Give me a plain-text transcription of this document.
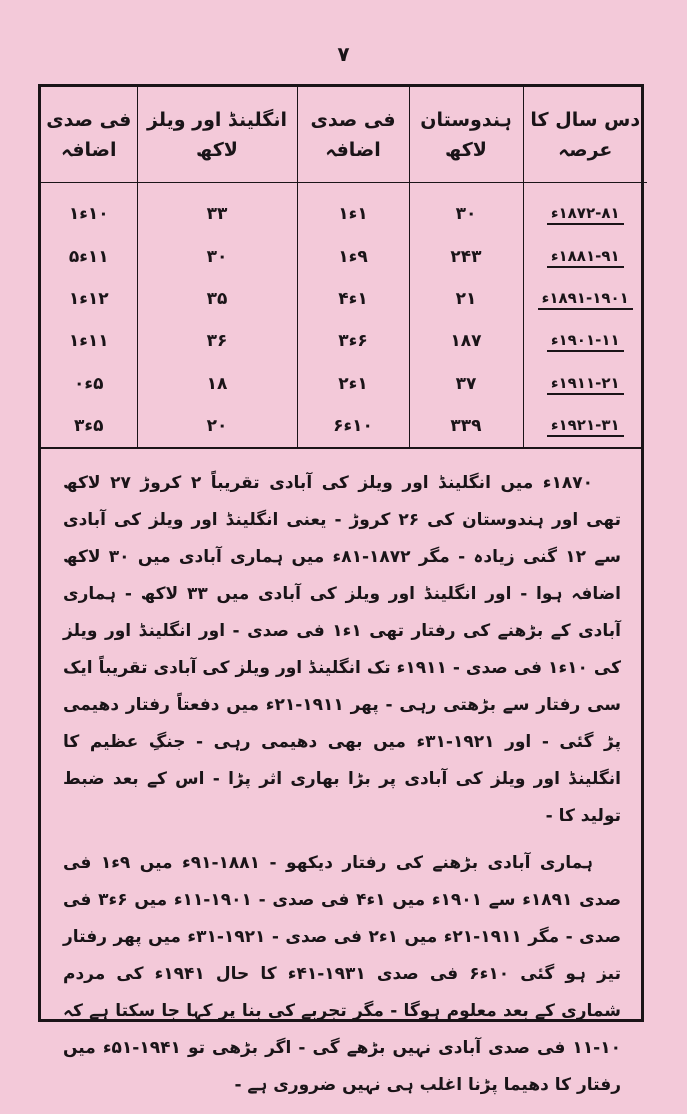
۷
دس سال کا عرصہ	ہندوستان لاکھ	فی صدی اضافہ	انگلینڈ اور ویلز لاکھ	فی صدی اضافہ
۱۸۷۲-۸۱ء	۳۰	۱ء۱	۳۳	۱۰ء۱
۱۸۸۱-۹۱ء	۲۴۳	۹ء۱	۳۰	۱۱ء۵
۱۸۹۱-۱۹۰۱ء	۲۱	۱ء۴	۳۵	۱۲ء۱
۱۹۰۱-۱۱ء	۱۸۷	۶ء۳	۳۶	۱۱ء۱
۱۹۱۱-۲۱ء	۳۷	۱ء۲	۱۸	۵ء۰
۱۹۲۱-۳۱ء	۳۳۹	۱۰ء۶	۲۰	۵ء۳

۱۸۷۰ء میں انگلینڈ اور ویلز کی آبادی تقریباً ۲ کروڑ ۲۷ لاکھ تھی اور ہندوستان کی ۲۶ کروڑ - یعنی انگلینڈ اور ویلز کی آبادی سے ۱۲ گنی زیادہ - مگر ۱۸۷۲-۸۱ء میں ہماری آبادی میں ۳۰ لاکھ اضافہ ہوا - اور انگلینڈ اور ویلز کی آبادی میں ۳۳ لاکھ - ہماری آبادی کے بڑھنے کی رفتار تھی ۱ء۱ فی صدی - اور انگلینڈ اور ویلز کی ۱۰ء۱ فی صدی - ۱۹۱۱ء تک انگلینڈ اور ویلز کی آبادی تقریباً ایک سی رفتار سے بڑھتی رہی - پھر ۱۹۱۱-۲۱ء میں دفعتاً رفتار دھیمی پڑ گئی - اور ۱۹۲۱-۳۱ء میں بھی دھیمی رہی - جنگِ عظیم کا انگلینڈ اور ویلز کی آبادی پر بڑا بھاری اثر پڑا - اس کے بعد ضبط تولید کا -

ہماری آبادی بڑھنے کی رفتار دیکھو - ۱۸۸۱-۹۱ء میں ۹ء۱ فی صدی ۱۸۹۱ء سے ۱۹۰۱ء میں ۱ء۴ فی صدی - ۱۹۰۱-۱۱ء میں ۶ء۳ فی صدی - مگر ۱۹۱۱-۲۱ء میں ۱ء۲ فی صدی - ۱۹۲۱-۳۱ء میں پھر رفتار تیز ہو گئی ۱۰ء۶ فی صدی ۱۹۳۱-۴۱ء کا حال ۱۹۴۱ء کی مردم شماری کے بعد معلوم ہوگا - مگر تجربے کی بنا پر کہا جا سکتا ہے کہ ۱۰-۱۱ فی صدی آبادی نہیں بڑھے گی - اگر بڑھی تو ۱۹۴۱-۵۱ء میں رفتار کا دھیما پڑنا اغلب ہی نہیں ضروری ہے -
